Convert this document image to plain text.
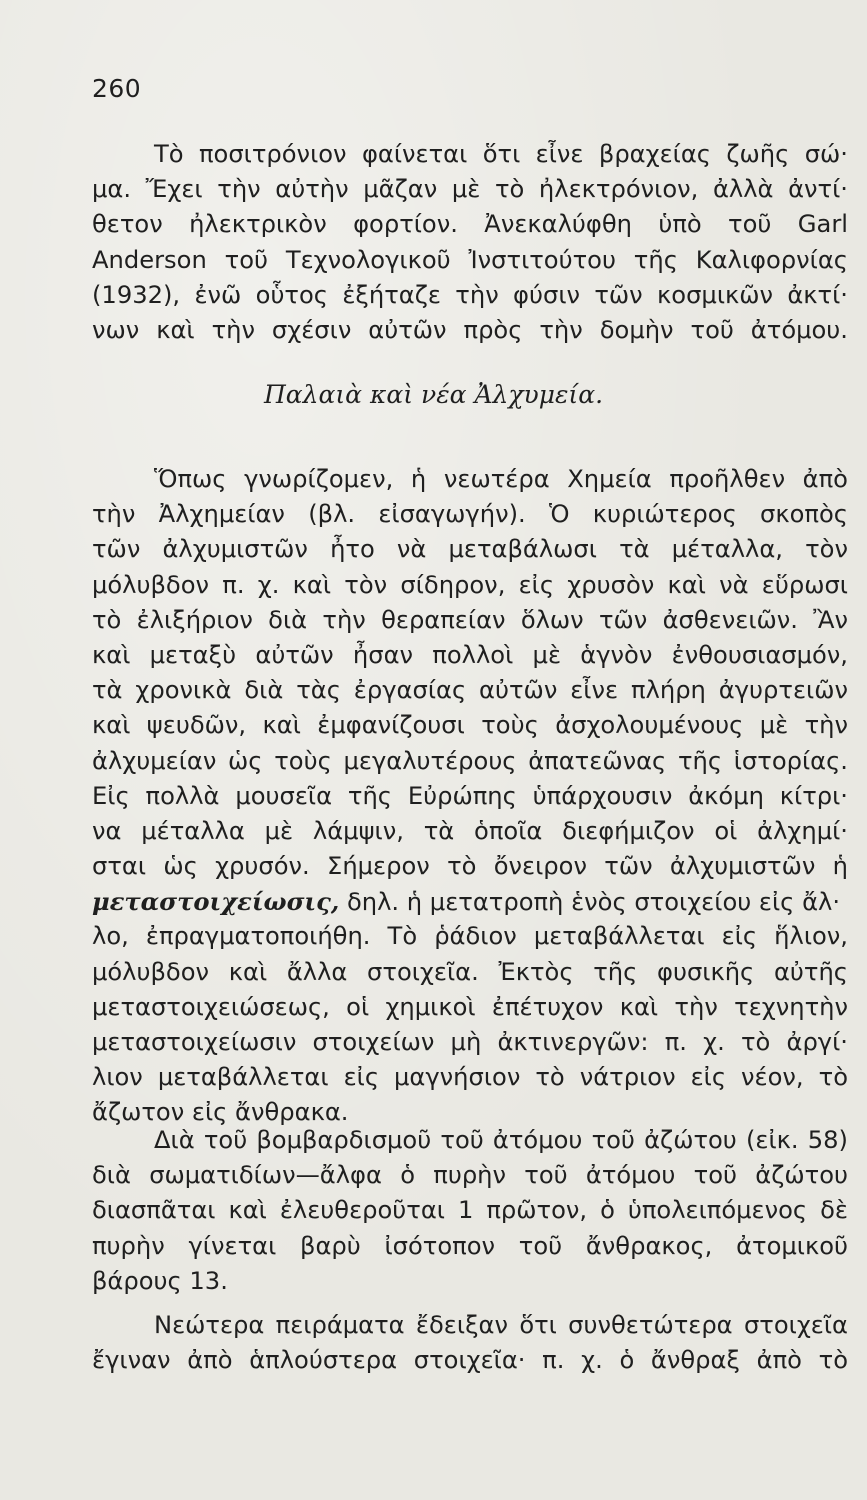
260
Τὸ ποσιτρόνιον φαίνεται ὅτι εἶνε βραχείας ζωῆς σώ·
μα. Ἔχει τὴν αὐτὴν μᾶζαν μὲ τὸ ἠλεκτρόνιον, ἀλλὰ ἀντί·
θετον ἠλεκτρικὸν φορτίον. Ἀνεκαλύφθη ὑπὸ τοῦ Garl
Anderson τοῦ Τεχνολογικοῦ Ἰνστιτούτου τῆς Καλιφορνίας
(1932), ἐνῶ οὗτος ἐξήταζε τὴν φύσιν τῶν κοσμικῶν ἀκτί·
νων καὶ τὴν σχέσιν αὐτῶν πρὸς τὴν δομὴν τοῦ ἀτόμου.
Παλαιὰ καὶ νέα Ἀλχυμεία.
Ὅπως γνωρίζομεν, ἡ νεωτέρα Χημεία προῆλθεν ἀπὸ
τὴν Ἀλχημείαν (βλ. εἰσαγωγήν). Ὁ κυριώτερος σκοπὸς
τῶν ἀλχυμιστῶν ἦτο νὰ μεταβάλωσι τὰ μέταλλα, τὸν
μόλυβδον π. χ. καὶ τὸν σίδηρον, εἰς χρυσὸν καὶ νὰ εὕρωσι
τὸ ἐλιξήριον διὰ τὴν θεραπείαν ὅλων τῶν ἀσθενειῶν. Ἂν
καὶ μεταξὺ αὐτῶν ἦσαν πολλοὶ μὲ ἁγνὸν ἐνθουσιασμόν,
τὰ χρονικὰ διὰ τὰς ἐργασίας αὐτῶν εἶνε πλήρη ἀγυρτειῶν
καὶ ψευδῶν, καὶ ἐμφανίζουσι τοὺς ἀσχολουμένους μὲ τὴν
ἀλχυμείαν ὡς τοὺς μεγαλυτέρους ἀπατεῶνας τῆς ἱστορίας.
Εἰς πολλὰ μουσεῖα τῆς Εὐρώπης ὑπάρχουσιν ἀκόμη κίτρι·
να μέταλλα μὲ λάμψιν, τὰ ὁποῖα διεφήμιζον οἱ ἀλχημί·
σται ὡς χρυσόν. Σήμερον τὸ ὄνειρον τῶν ἀλχυμιστῶν ἡ
μεταστοιχείωσις, δηλ. ἡ μετατροπὴ ἑνὸς στοιχείου εἰς ἄλ·
λο, ἐπραγματοποιήθη. Τὸ ῥάδιον μεταβάλλεται εἰς ἥλιον,
μόλυβδον καὶ ἄλλα στοιχεῖα. Ἐκτὸς τῆς φυσικῆς αὐτῆς
μεταστοιχειώσεως, οἱ χημικοὶ ἐπέτυχον καὶ τὴν τεχνητὴν
μεταστοιχείωσιν στοιχείων μὴ ἀκτινεργῶν: π. χ. τὸ ἀργί·
λιον μεταβάλλεται εἰς μαγνήσιον τὸ νάτριον εἰς νέον, τὸ
ἄζωτον εἰς ἄνθρακα.
Διὰ τοῦ βομβαρδισμοῦ τοῦ ἀτόμου τοῦ ἀζώτου (εἰκ. 58)
διὰ σωματιδίων—ἄλφα ὁ πυρὴν τοῦ ἀτόμου τοῦ ἀζώτου
διασπᾶται καὶ ἐλευθεροῦται 1 πρῶτον, ὁ ὑπολειπόμενος δὲ
πυρὴν γίνεται βαρὺ ἰσότοπον τοῦ ἄνθρακος, ἀτομικοῦ
βάρους 13.
Νεώτερα πειράματα ἔδειξαν ὅτι συνθετώτερα στοιχεῖα
ἔγιναν ἀπὸ ἁπλούστερα στοιχεῖα· π. χ. ὁ ἄνθραξ ἀπὸ τὸ
